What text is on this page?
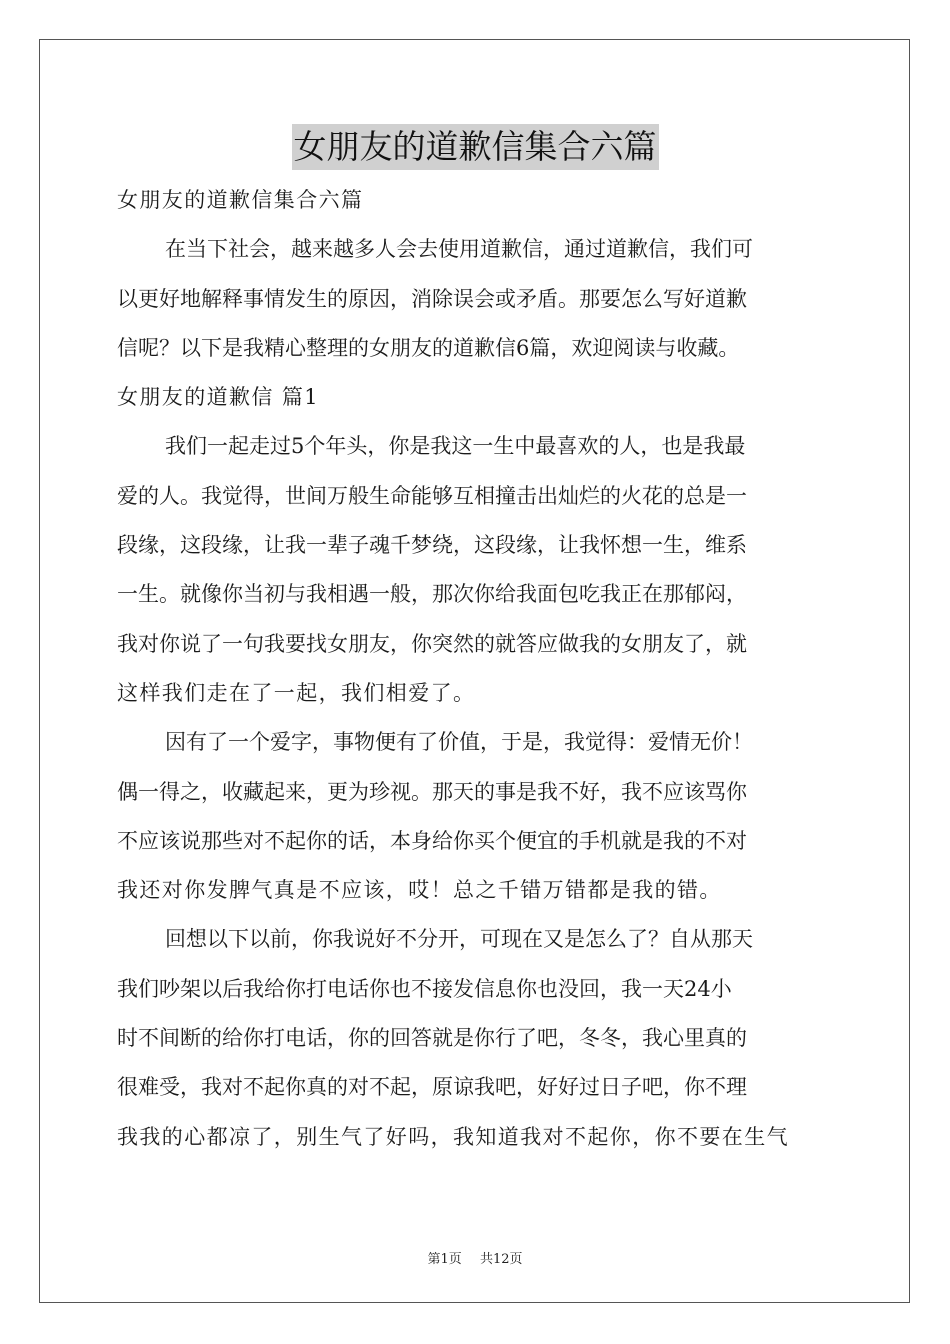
女朋友的道歉信集合六篇
女朋友的道歉信集合六篇
在当下社会，越来越多人会去使用道歉信，通过道歉信，我们可
以更好地解释事情发生的原因，消除误会或矛盾。那要怎么写好道歉
信呢？以下是我精心整理的女朋友的道歉信6篇，欢迎阅读与收藏。
女朋友的道歉信 篇1
我们一起走过5个年头，你是我这一生中最喜欢的人，也是我最
爱的人。我觉得，世间万般生命能够互相撞击出灿烂的火花的总是一
段缘，这段缘，让我一辈子魂千梦绕，这段缘，让我怀想一生，维系
一生。就像你当初与我相遇一般，那次你给我面包吃我正在那郁闷，
我对你说了一句我要找女朋友，你突然的就答应做我的女朋友了，就
这样我们走在了一起，我们相爱了。
因有了一个爱字，事物便有了价值，于是，我觉得：爱情无价！
偶一得之，收藏起来，更为珍视。那天的事是我不好，我不应该骂你
不应该说那些对不起你的话，本身给你买个便宜的手机就是我的不对
我还对你发脾气真是不应该，哎！总之千错万错都是我的错。
回想以下以前，你我说好不分开，可现在又是怎么了？自从那天
我们吵架以后我给你打电话你也不接发信息你也没回，我一天24小
时不间断的给你打电话，你的回答就是你行了吧，冬冬，我心里真的
很难受，我对不起你真的对不起，原谅我吧，好好过日子吧，你不理
我我的心都凉了，别生气了好吗，我知道我对不起你，你不要在生气
第1页 共12页
